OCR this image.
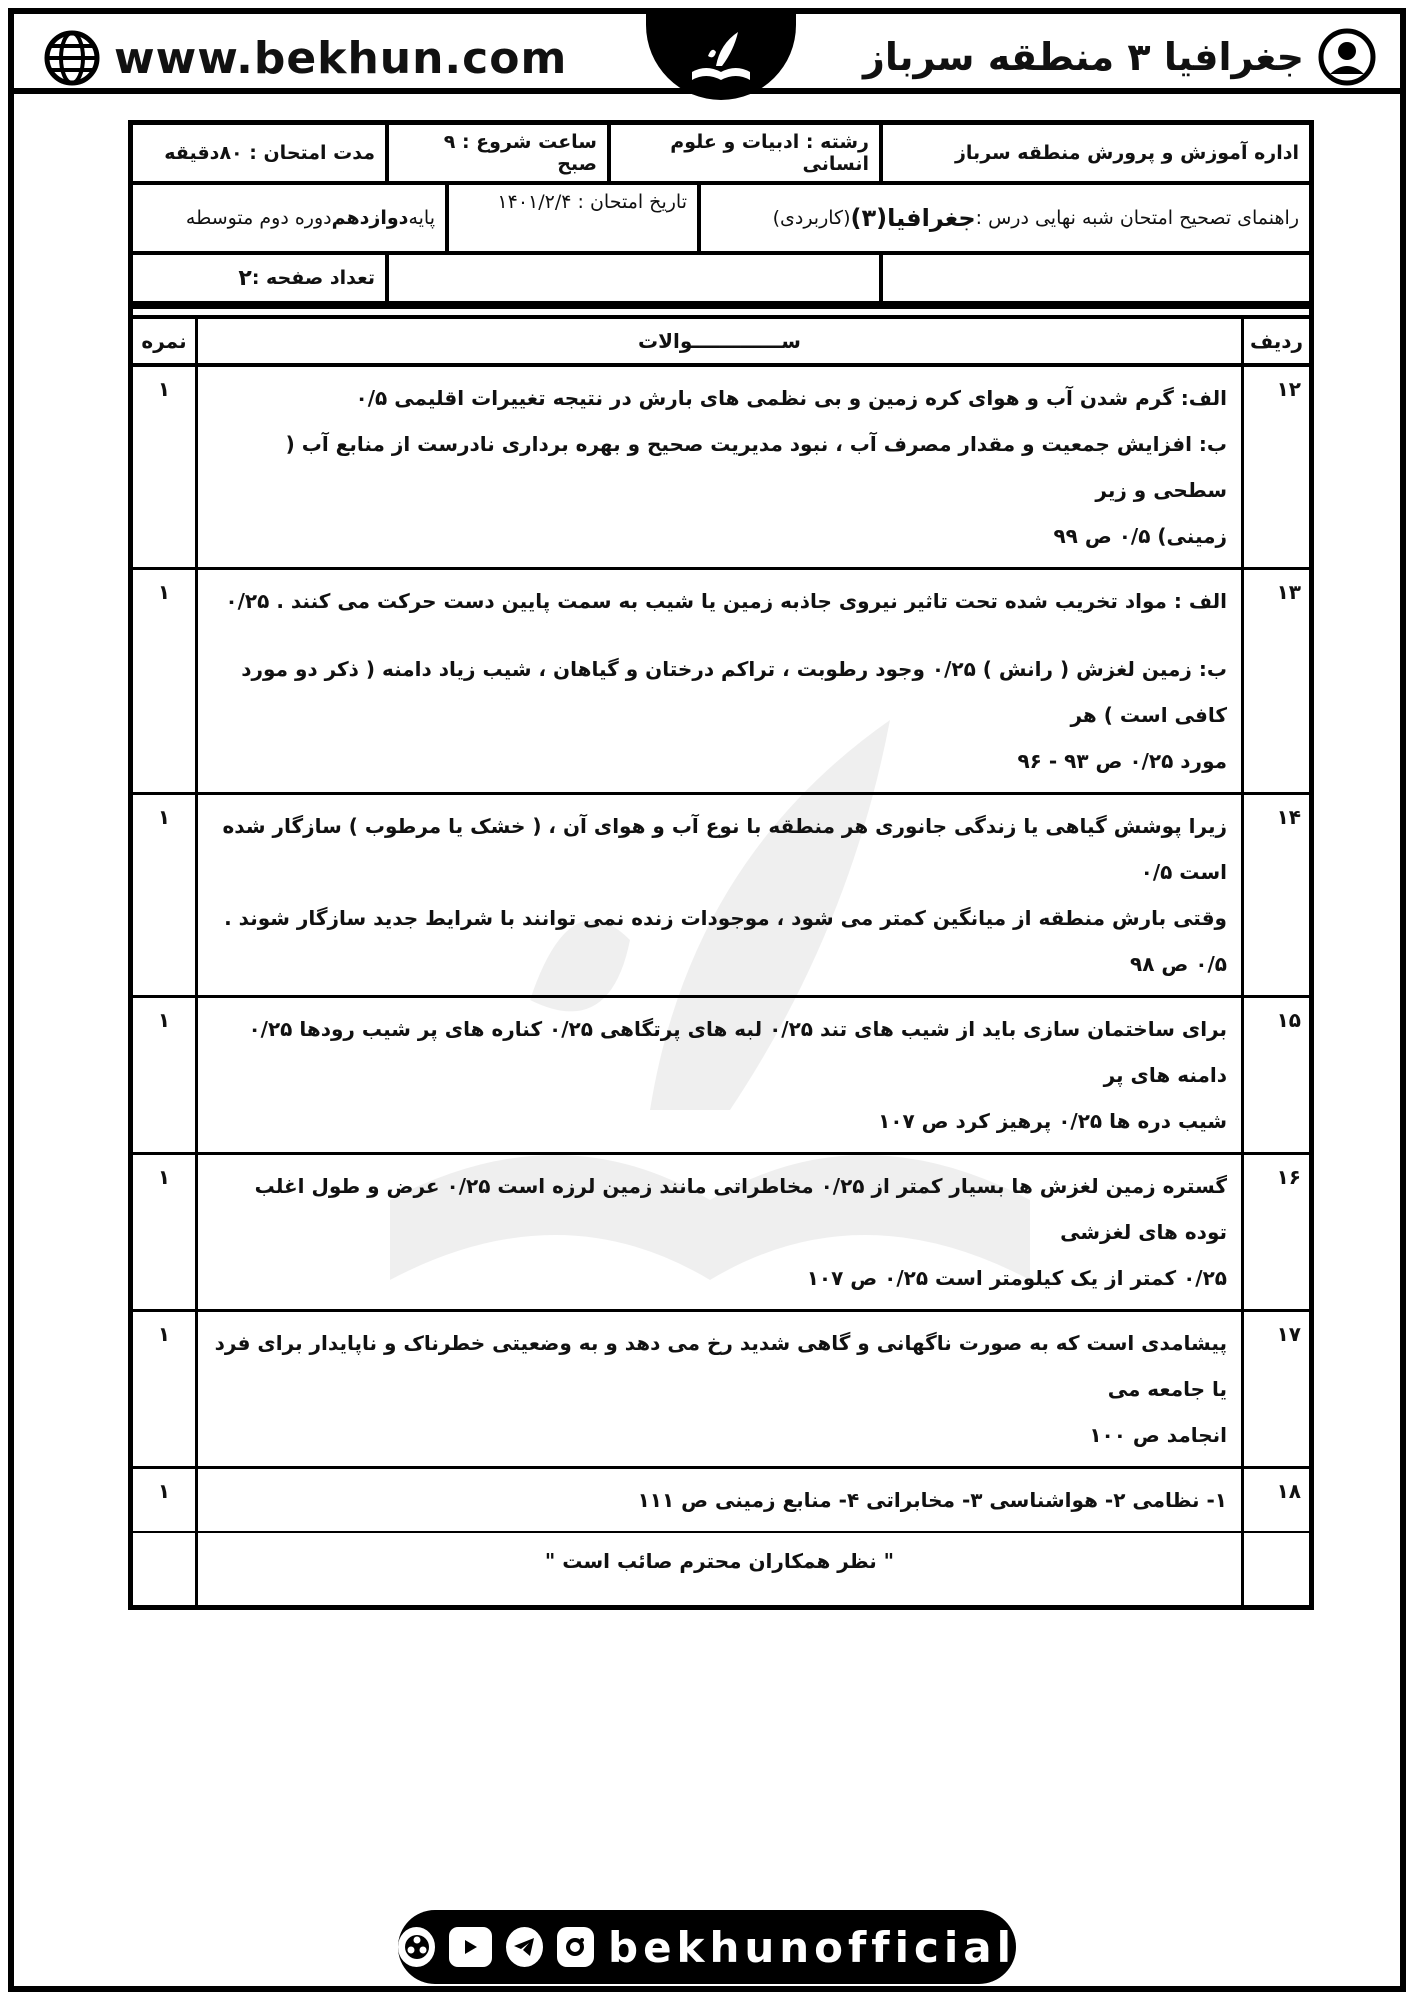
www.bekhun.com	جغرافیا ۳ منطقه سرباز
اداره آموزش و پرورش منطقه سرباز
رشته : ادبیات و علوم انسانی
ساعت شروع : ۹ صبح
مدت امتحان : ۸۰دقیقه
راهنمای تصحیح امتحان شبه نهایی درس :
جغرافیا(۳)
(کاربردی)
تاریخ امتحان : ۱۴۰۱/۲/۴
پایه
دوازدهم
دوره دوم متوسطه
تعداد صفحه :
۲
ردیف
ســـــــــــــوالات
نمره
۱۲
الف: گرم شدن آب و هوای کره زمین و بی نظمی های بارش در نتیجه تغییرات اقلیمی ۰/۵
ب: افزایش جمعیت و مقدار مصرف آب ، نبود مدیریت صحیح و بهره برداری نادرست از منابع آب ( سطحی و زیر
زمینی) ۰/۵ ص ۹۹
۱
۱۳
الف : مواد تخریب شده تحت تاثیر نیروی جاذبه زمین یا شیب به سمت پایین دست حرکت می کنند . ۰/۲۵
ب: زمین لغزش ( رانش ) ۰/۲۵ وجود رطوبت ، تراکم درختان و گیاهان ، شیب زیاد دامنه ( ذکر دو مورد کافی است ) هر
مورد ۰/۲۵ ص ۹۳ - ۹۶
۱
۱۴
زیرا پوشش گیاهی یا زندگی جانوری هر منطقه با نوع آب و هوای آن ، ( خشک یا مرطوب ) سازگار شده است ۰/۵
وقتی بارش منطقه از میانگین کمتر می شود ، موجودات زنده نمی توانند با شرایط جدید سازگار شوند . ۰/۵ ص ۹۸
۱
۱۵
برای ساختمان سازی باید از شیب های تند ۰/۲۵ لبه های پرتگاهی ۰/۲۵ کناره های پر شیب رودها ۰/۲۵ دامنه های پر
شیب دره ها ۰/۲۵ پرهیز کرد ص ۱۰۷
۱
۱۶
گستره زمین لغزش ها بسیار کمتر از ۰/۲۵ مخاطراتی مانند زمین لرزه است ۰/۲۵ عرض و طول اغلب توده های لغزشی
۰/۲۵ کمتر از یک کیلومتر است ۰/۲۵ ص ۱۰۷
۱
۱۷
پیشامدی است که به صورت ناگهانی و گاهی شدید رخ می دهد و به وضعیتی خطرناک و ناپایدار برای فرد یا جامعه می
انجامد ص ۱۰۰
۱
۱۸
۱- نظامی ۲- هواشناسی ۳- مخابراتی ۴- منابع زمینی ص ۱۱۱
۱
" نظر همکاران محترم صائب است "
bekhunofficial
